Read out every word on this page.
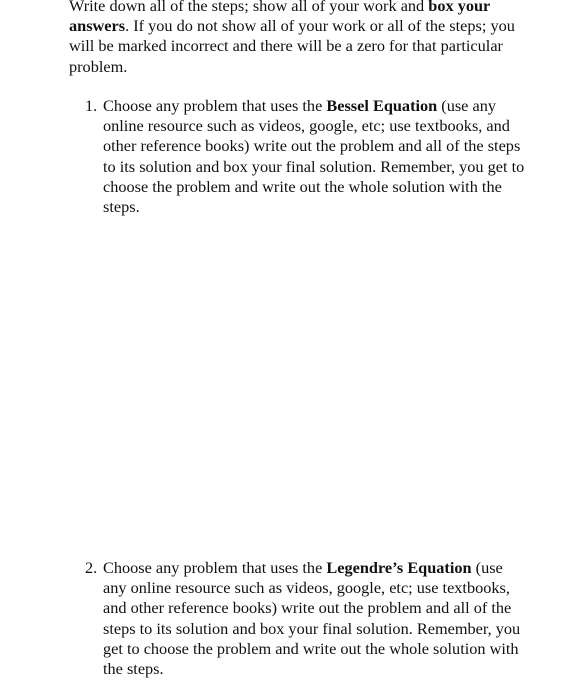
Write down all of the steps; show all of your work and box your answers. If you do not show all of your work or all of the steps; you will be marked incorrect and there will be a zero for that particular problem.

1. Choose any problem that uses the Bessel Equation (use any online resource such as videos, google, etc; use textbooks, and other reference books) write out the problem and all of the steps to its solution and box your final solution. Remember, you get to choose the problem and write out the whole solution with the steps.

2. Choose any problem that uses the Legendre’s Equation (use any online resource such as videos, google, etc; use textbooks, and other reference books) write out the problem and all of the steps to its solution and box your final solution. Remember, you get to choose the problem and write out the whole solution with the steps.
